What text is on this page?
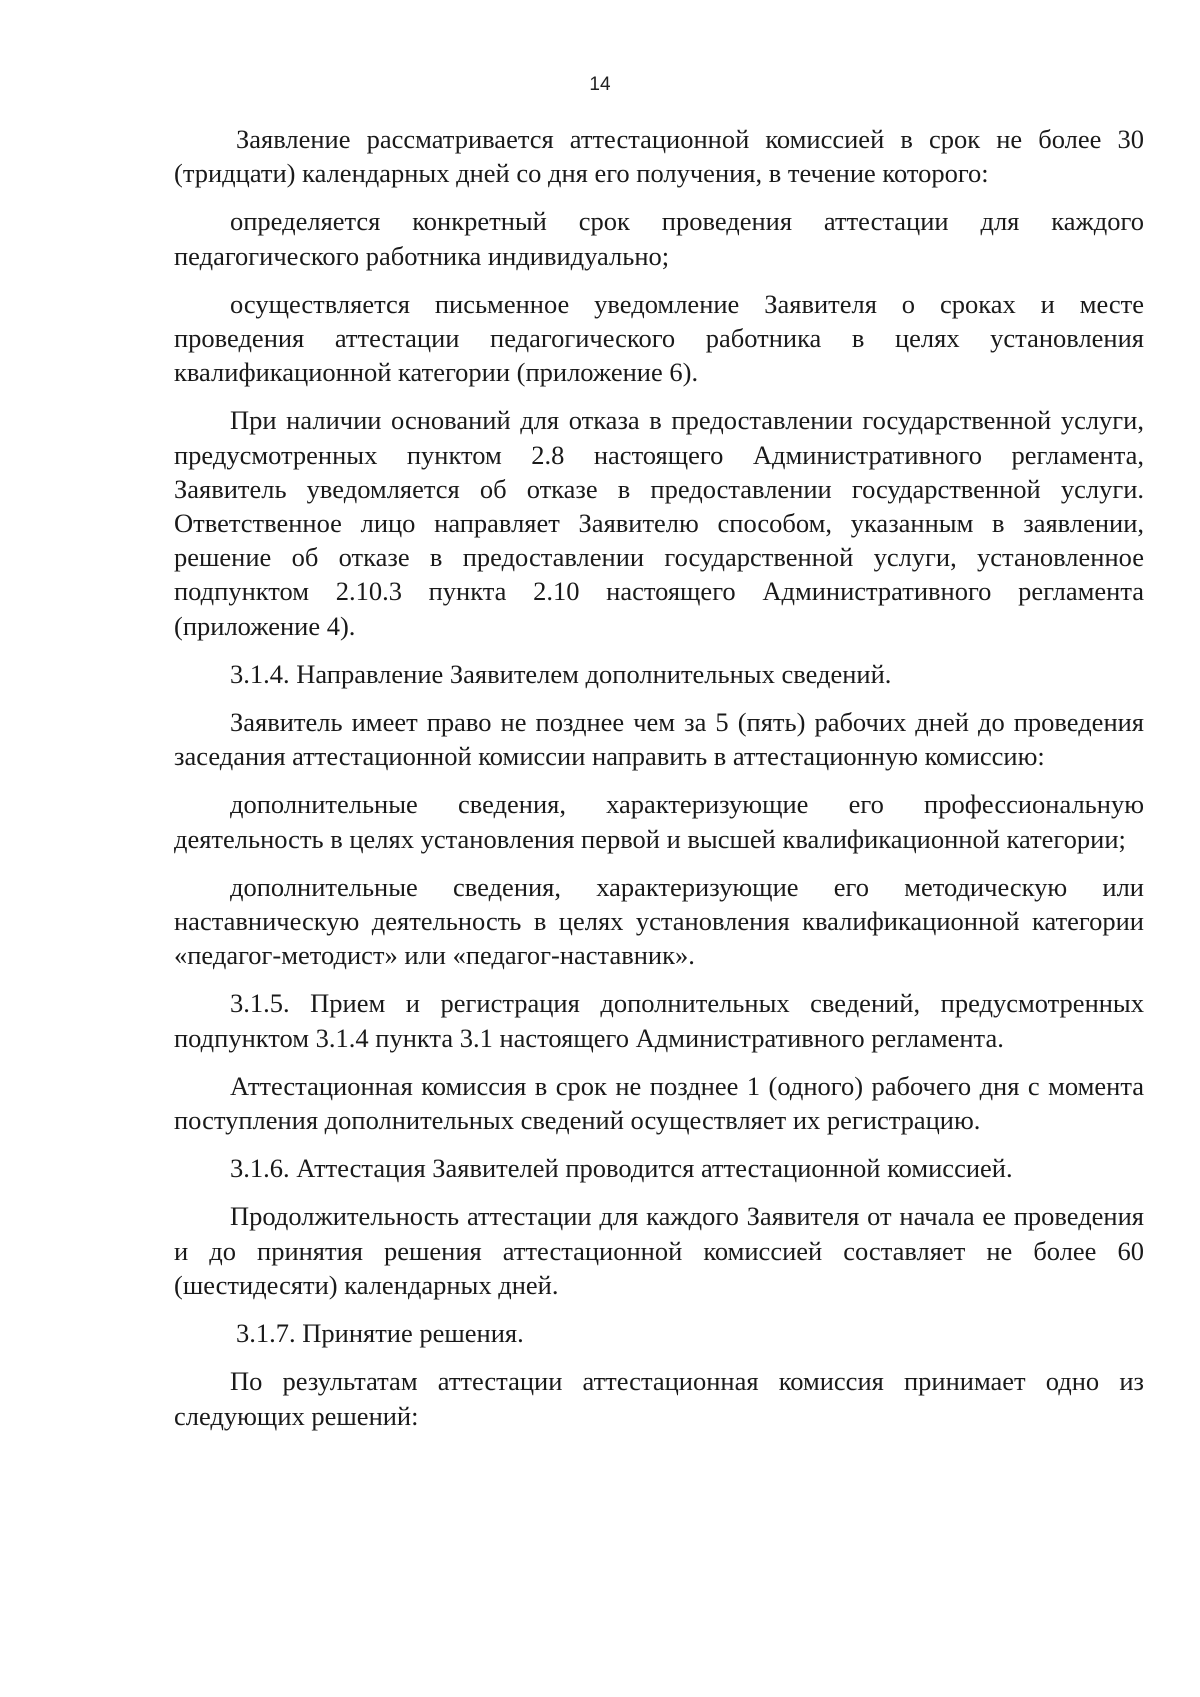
14

Заявление рассматривается аттестационной комиссией в срок не более 30 (тридцати) календарных дней со дня его получения, в течение которого:

определяется конкретный срок проведения аттестации для каждого педагогического работника индивидуально;

осуществляется письменное уведомление Заявителя о сроках и месте проведения аттестации педагогического работника в целях установления квалификационной категории (приложение 6).

При наличии оснований для отказа в предоставлении государственной услуги, предусмотренных пунктом 2.8 настоящего Административного регламента, Заявитель уведомляется об отказе в предоставлении государственной услуги. Ответственное лицо направляет Заявителю способом, указанным в заявлении, решение об отказе в предоставлении государственной услуги, установленное подпунктом 2.10.3 пункта 2.10 настоящего Административного регламента (приложение 4).

3.1.4. Направление Заявителем дополнительных сведений.

Заявитель имеет право не позднее чем за 5 (пять) рабочих дней до проведения заседания аттестационной комиссии направить в аттестационную комиссию:

дополнительные сведения, характеризующие его профессиональную деятельность в целях установления первой и высшей квалификационной категории;

дополнительные сведения, характеризующие его методическую или наставническую деятельность в целях установления квалификационной категории «педагог-методист» или «педагог-наставник».

3.1.5. Прием и регистрация дополнительных сведений, предусмотренных подпунктом 3.1.4 пункта 3.1 настоящего Административного регламента.

Аттестационная комиссия в срок не позднее 1 (одного) рабочего дня с момента поступления дополнительных сведений осуществляет их регистрацию.

3.1.6. Аттестация Заявителей проводится аттестационной комиссией.

Продолжительность аттестации для каждого Заявителя от начала ее проведения и до принятия решения аттестационной комиссией составляет не более 60 (шестидесяти) календарных дней.

3.1.7. Принятие решения.

По результатам аттестации аттестационная комиссия принимает одно из следующих решений:
